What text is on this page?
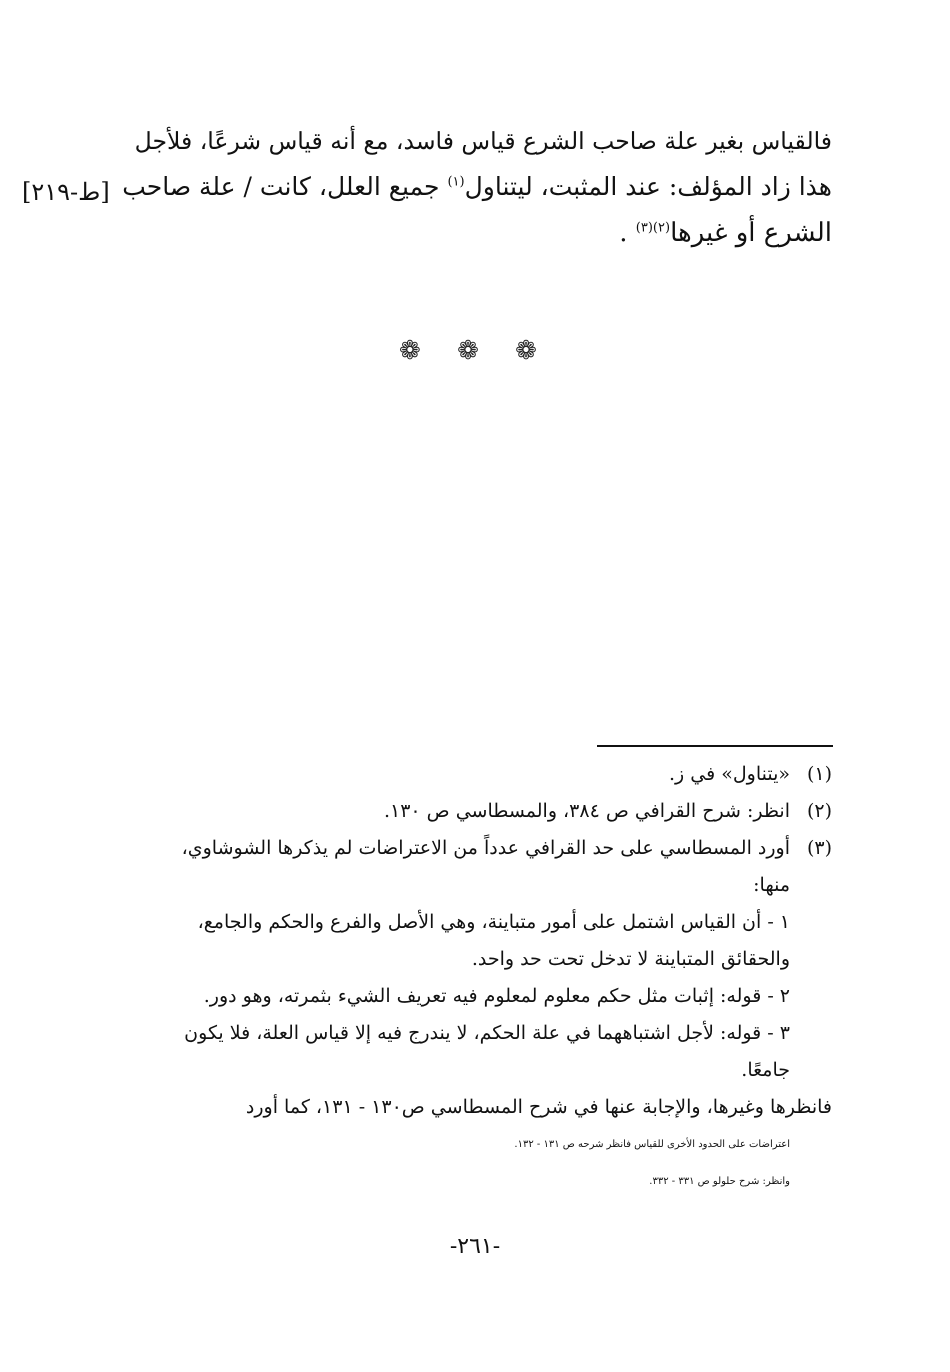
فالقياس بغير علة صاحب الشرع قياس فاسد، مع أنه قياس شرعًا، فلأجل
هذا زاد المؤلف: عند المثبت، ليتناول$^{(١)}$ جميع العلل، كانت / علة صاحب
الشرع أو غيرها$^{(٢)(٣)}$ .
[ط-٢١٩]
❁ ❁ ❁
(١)
«يتناول» في ز.
(٢)
انظر: شرح القرافي ص ٣٨٤، والمسطاسي ص ١٣٠.
(٣)
أورد المسطاسي على حد القرافي عدداً من الاعتراضات لم يذكرها الشوشاوي،
منها:
١ - أن القياس اشتمل على أمور متباينة، وهي الأصل والفرع والحكم والجامع،
والحقائق المتباينة لا تدخل تحت حد واحد.
٢ - قوله: إثبات مثل حكم معلوم لمعلوم فيه تعريف الشيء بثمرته، وهو دور.
٣ - قوله: لأجل اشتباههما في علة الحكم، لا يندرج فيه إلا قياس العلة، فلا يكون
جامعًا.
فانظرها وغيرها، والإجابة عنها في شرح المسطاسي ص١٣٠ - ١٣١، كما أورد
اعتراضات على الحدود الأخرى للقياس فانظر شرحه ص ١٣١ - ١٣٢.
وانظر: شرح حلولو ص ٣٣١ - ٣٣٢.
-٢٦١-
